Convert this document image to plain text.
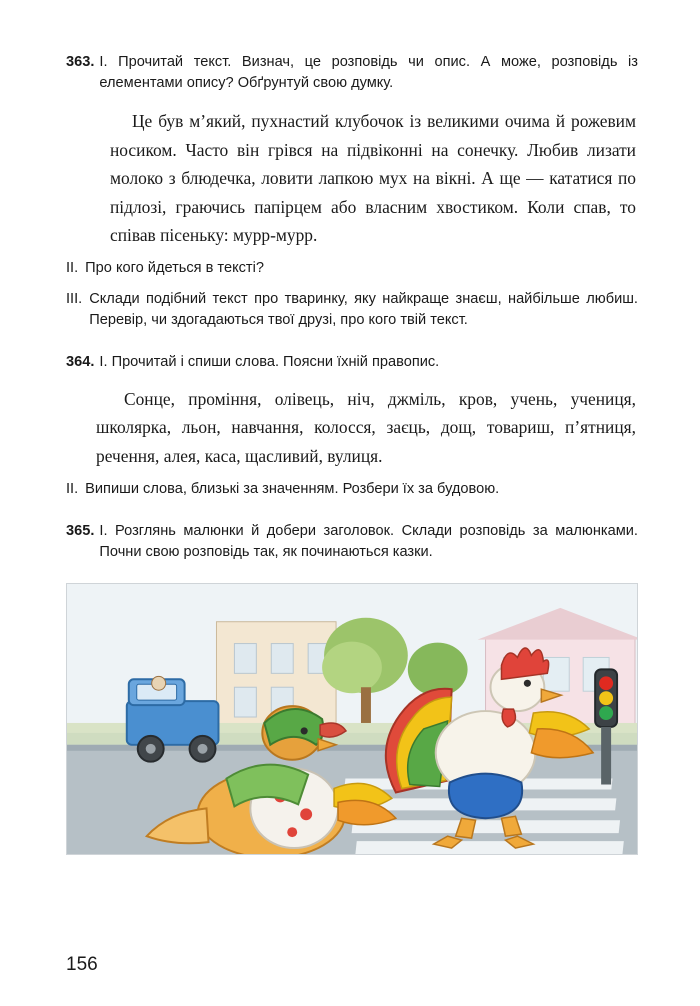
363. I. Прочитай текст. Визнач, це розповідь чи опис. А може, розповідь із елементами опису? Обґрунтуй свою думку.
Це був м’який, пухнастий клубочок із великими очима й рожевим носиком. Часто він грівся на підвіконні на сонечку. Любив лизати молоко з блюдечка, ловити лапкою мух на вікні. А ще — кататися по підлозі, граючись папірцем або власним хвостиком. Коли спав, то співав пісеньку: мурр-мурр.
II. Про кого йдеться в тексті?
III. Склади подібний текст про тваринку, яку найкраще знаєш, найбільше любиш. Перевір, чи здогадаються твої друзі, про кого твій текст.
364. I. Прочитай і спиши слова. Поясни їхній правопис.
Сонце, проміння, олівець, ніч, джміль, кров, учень, учениця, школярка, льон, навчання, колосся, заєць, дощ, товариш, п’ятниця, речення, алея, каса, щасливий, вулиця.
II. Випиши слова, близькі за значенням. Розбери їх за будовою.
365. I. Розглянь малюнки й добери заголовок. Склади розповідь за малюнками. Почни свою розповідь так, як починаються казки.
156
